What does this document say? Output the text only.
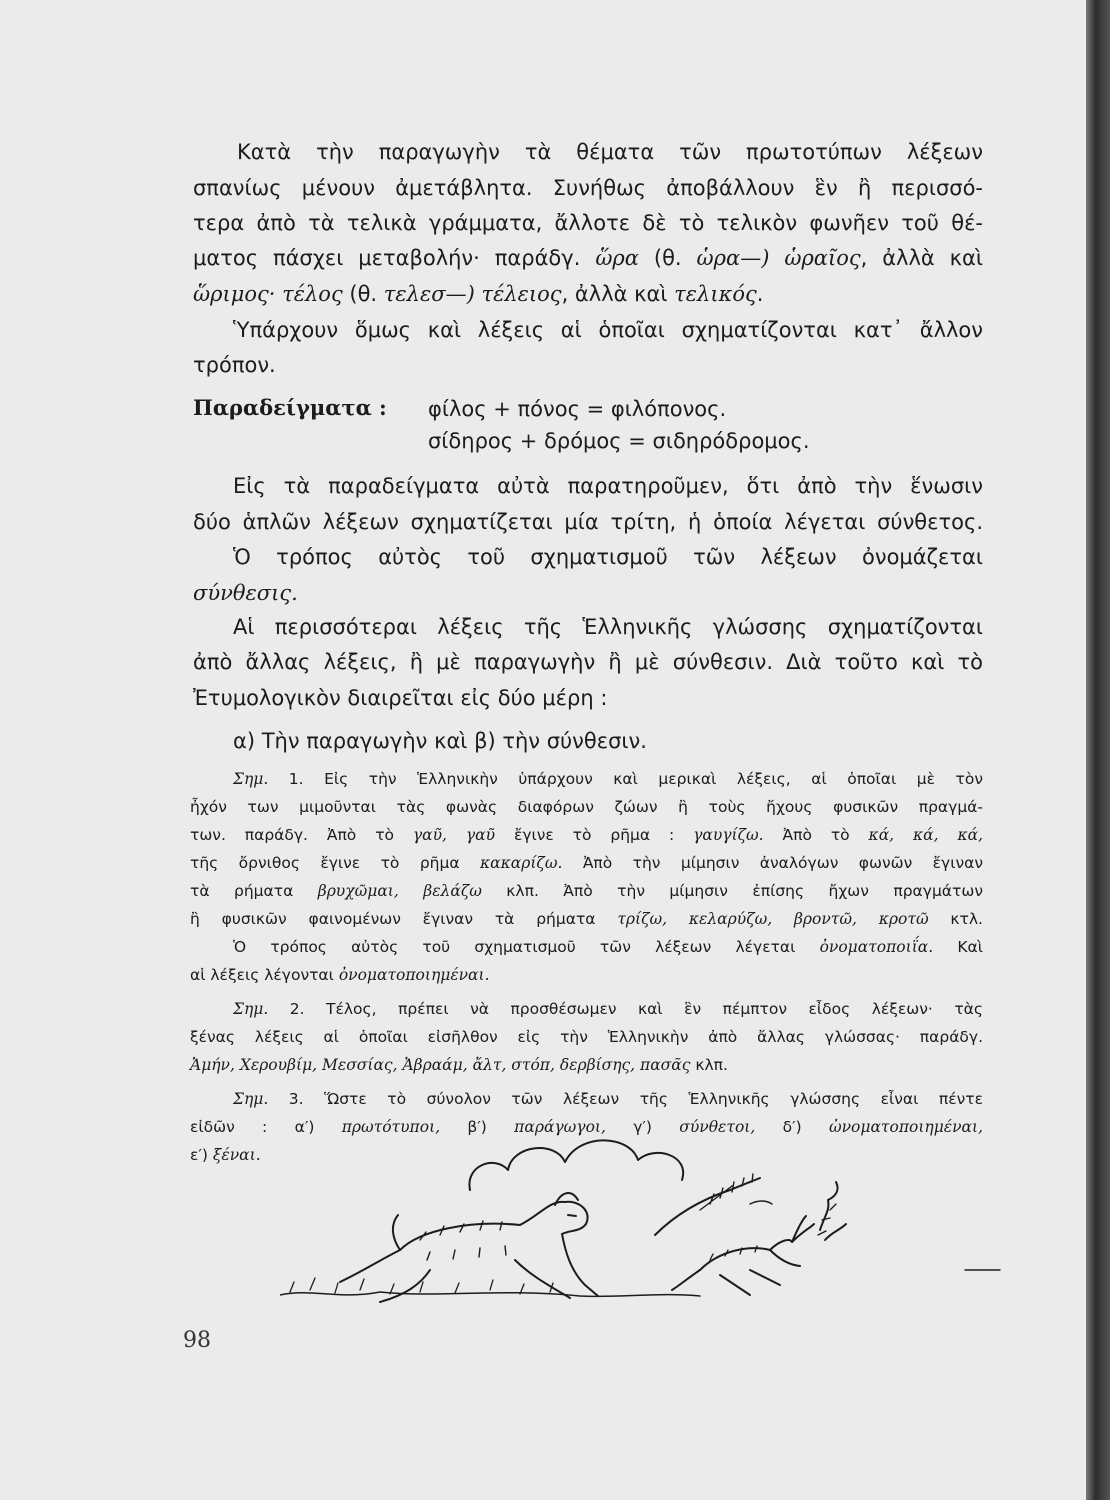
Κατὰ τὴν παραγωγὴν τὰ θέματα τῶν πρωτοτύπων λέξεων
σπανίως μένουν ἀμετάβλητα. Συνήθως ἀποβάλλουν ἓν ἢ περισσό-
τερα ἀπὸ τὰ τελικὰ γράμματα, ἄλλοτε δὲ τὸ τελικὸν φωνῆεν τοῦ θέ-
ματος πάσχει μεταβολήν· παράδγ. ὥρα (θ. ὡρα—) ὡραῖος, ἀλλὰ καὶ
ὥριμος· τέλος (θ. τελεσ—) τέλειος, ἀλλὰ καὶ τελικός.
Ὑπάρχουν ὅμως καὶ λέξεις αἱ ὁποῖαι σχηματίζονται κατ᾽ ἄλλον
τρόπον.
Παραδείγματα : φίλος + πόνος = φιλόπονος.
σίδηρος + δρόμος = σιδηρόδρομος.
Εἰς τὰ παραδείγματα αὐτὰ παρατηροῦμεν, ὅτι ἀπὸ τὴν ἕνωσιν
δύο ἁπλῶν λέξεων σχηματίζεται μία τρίτη, ἡ ὁποία λέγεται σύνθετος.
Ὁ τρόπος αὐτὸς τοῦ σχηματισμοῦ τῶν λέξεων ὀνομάζεται
σύνθεσις.
Αἱ περισσότεραι λέξεις τῆς Ἑλληνικῆς γλώσσης σχηματίζονται
ἀπὸ ἄλλας λέξεις, ἢ μὲ παραγωγὴν ἢ μὲ σύνθεσιν. Διὰ τοῦτο καὶ τὸ
Ἐτυμολογικὸν διαιρεῖται εἰς δύο μέρη :
α) Τὴν παραγωγὴν καὶ β) τὴν σύνθεσιν.
Σημ. 1. Εἰς τὴν Ἑλληνικὴν ὑπάρχουν καὶ μερικαὶ λέξεις, αἱ ὁποῖαι μὲ τὸν
ἦχόν των μιμοῦνται τὰς φωνὰς διαφόρων ζώων ἢ τοὺς ἤχους φυσικῶν πραγμά-
των. παράδγ. Ἀπὸ τὸ γαῦ, γαῦ ἔγινε τὸ ρῆμα : γαυγίζω. Ἀπὸ τὸ κά, κά, κά,
τῆς ὄρνιθος ἔγινε τὸ ρῆμα κακαρίζω. Ἀπὸ τὴν μίμησιν ἀναλόγων φωνῶν ἔγιναν
τὰ ρήματα βρυχῶμαι, βελάζω κλπ. Ἀπὸ τὴν μίμησιν ἐπίσης ἤχων πραγμάτων
ἢ φυσικῶν φαινομένων ἔγιναν τὰ ρήματα τρίζω, κελαρύζω, βροντῶ, κροτῶ κτλ.
Ὁ τρόπος αὐτὸς τοῦ σχηματισμοῦ τῶν λέξεων λέγεται ὀνοματοποιΐα. Καὶ
αἱ λέξεις λέγονται ὀνοματοποιημέναι.
Σημ. 2. Τέλος, πρέπει νὰ προσθέσωμεν καὶ ἓν πέμπτον εἶδος λέξεων· τὰς
ξένας λέξεις αἱ ὁποῖαι εἰσῆλθον εἰς τὴν Ἑλληνικὴν ἀπὸ ἄλλας γλώσσας· παράδγ.
Ἀμήν, Χερουβίμ, Μεσσίας, Ἀβραάμ, ἄλτ, στόπ, δερβίσης, πασᾶς κλπ.
Σημ. 3. Ὥστε τὸ σύνολον τῶν λέξεων τῆς Ἑλληνικῆς γλώσσης εἶναι πέντε
εἰδῶν : α′) πρωτότυποι, β′) παράγωγοι, γ′) σύνθετοι, δ′) ὠνοματοποιημέναι,
ε′) ξέναι.
98
